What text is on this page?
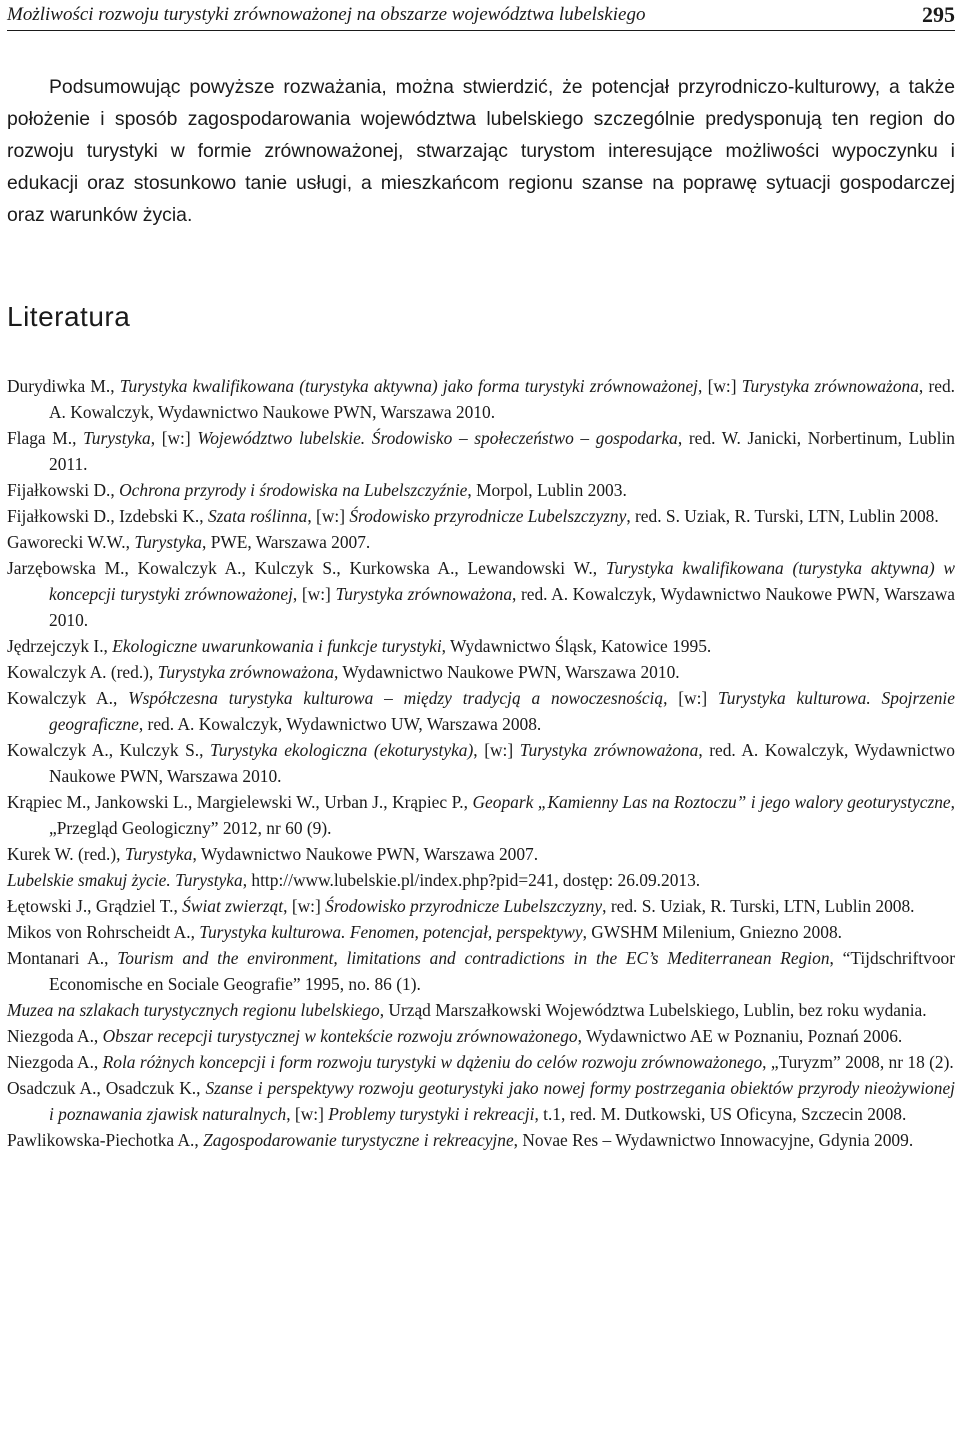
Możliwości rozwoju turystyki zrównoważonej na obszarze województwa lubelskiego	295

Podsumowując powyższe rozważania, można stwierdzić, że potencjał przyrodniczo-kulturowy, a także położenie i sposób zagospodarowania województwa lubelskiego szczególnie predysponują ten region do rozwoju turystyki w formie zrównoważonej, stwarzając turystom interesujące możliwości wypoczynku i edukacji oraz stosunkowo tanie usługi, a mieszkańcom regionu szanse na poprawę sytuacji gospodarczej oraz warunków życia.

Literatura
Durydiwka M., Turystyka kwalifikowana (turystyka aktywna) jako forma turystyki zrównoważonej, [w:] Turystyka zrównoważona, red. A. Kowalczyk, Wydawnictwo Naukowe PWN, Warszawa 2010.
Flaga M., Turystyka, [w:] Województwo lubelskie. Środowisko – społeczeństwo – gospodarka, red. W. Janicki, Norbertinum, Lublin 2011.
Fijałkowski D., Ochrona przyrody i środowiska na Lubelszczyźnie, Morpol, Lublin 2003.
Fijałkowski D., Izdebski K., Szata roślinna, [w:] Środowisko przyrodnicze Lubelszczyzny, red. S. Uziak, R. Turski, LTN, Lublin 2008.
Gaworecki W.W., Turystyka, PWE, Warszawa 2007.
Jarzębowska M., Kowalczyk A., Kulczyk S., Kurkowska A., Lewandowski W., Turystyka kwalifikowana (turystyka aktywna) w koncepcji turystyki zrównoważonej, [w:] Turystyka zrównoważona, red. A. Kowalczyk, Wydawnictwo Naukowe PWN, Warszawa 2010.
Jędrzejczyk I., Ekologiczne uwarunkowania i funkcje turystyki, Wydawnictwo Śląsk, Katowice 1995.
Kowalczyk A. (red.), Turystyka zrównoważona, Wydawnictwo Naukowe PWN, Warszawa 2010.
Kowalczyk A., Współczesna turystyka kulturowa – między tradycją a nowoczesnością, [w:] Turystyka kulturowa. Spojrzenie geograficzne, red. A. Kowalczyk, Wydawnictwo UW, Warszawa 2008.
Kowalczyk A., Kulczyk S., Turystyka ekologiczna (ekoturystyka), [w:] Turystyka zrównoważona, red. A. Kowalczyk, Wydawnictwo Naukowe PWN, Warszawa 2010.
Krąpiec M., Jankowski L., Margielewski W., Urban J., Krąpiec P., Geopark „Kamienny Las na Roztoczu” i jego walory geoturystyczne, „Przegląd Geologiczny” 2012, nr 60 (9).
Kurek W. (red.), Turystyka, Wydawnictwo Naukowe PWN, Warszawa 2007.
Lubelskie smakuj życie. Turystyka, http://www.lubelskie.pl/index.php?pid=241, dostęp: 26.09.2013.
Łętowski J., Grądziel T., Świat zwierząt, [w:] Środowisko przyrodnicze Lubelszczyzny, red. S. Uziak, R. Turski, LTN, Lublin 2008.
Mikos von Rohrscheidt A., Turystyka kulturowa. Fenomen, potencjał, perspektywy, GWSHM Milenium, Gniezno 2008.
Montanari A., Tourism and the environment, limitations and contradictions in the EC’s Mediterranean Region, “Tijdschriftvoor Economische en Sociale Geografie” 1995, no. 86 (1).
Muzea na szlakach turystycznych regionu lubelskiego, Urząd Marszałkowski Województwa Lubelskiego, Lublin, bez roku wydania.
Niezgoda A., Obszar recepcji turystycznej w kontekście rozwoju zrównoważonego, Wydawnictwo AE w Poznaniu, Poznań 2006.
Niezgoda A., Rola różnych koncepcji i form rozwoju turystyki w dążeniu do celów rozwoju zrównoważonego, „Turyzm” 2008, nr 18 (2).
Osadczuk A., Osadczuk K., Szanse i perspektywy rozwoju geoturystyki jako nowej formy postrzegania obiektów przyrody nieożywionej i poznawania zjawisk naturalnych, [w:] Problemy turystyki i rekreacji, t.1, red. M. Dutkowski, US Oficyna, Szczecin 2008.
Pawlikowska-Piechotka A., Zagospodarowanie turystyczne i rekreacyjne, Novae Res – Wydawnictwo Innowacyjne, Gdynia 2009.
